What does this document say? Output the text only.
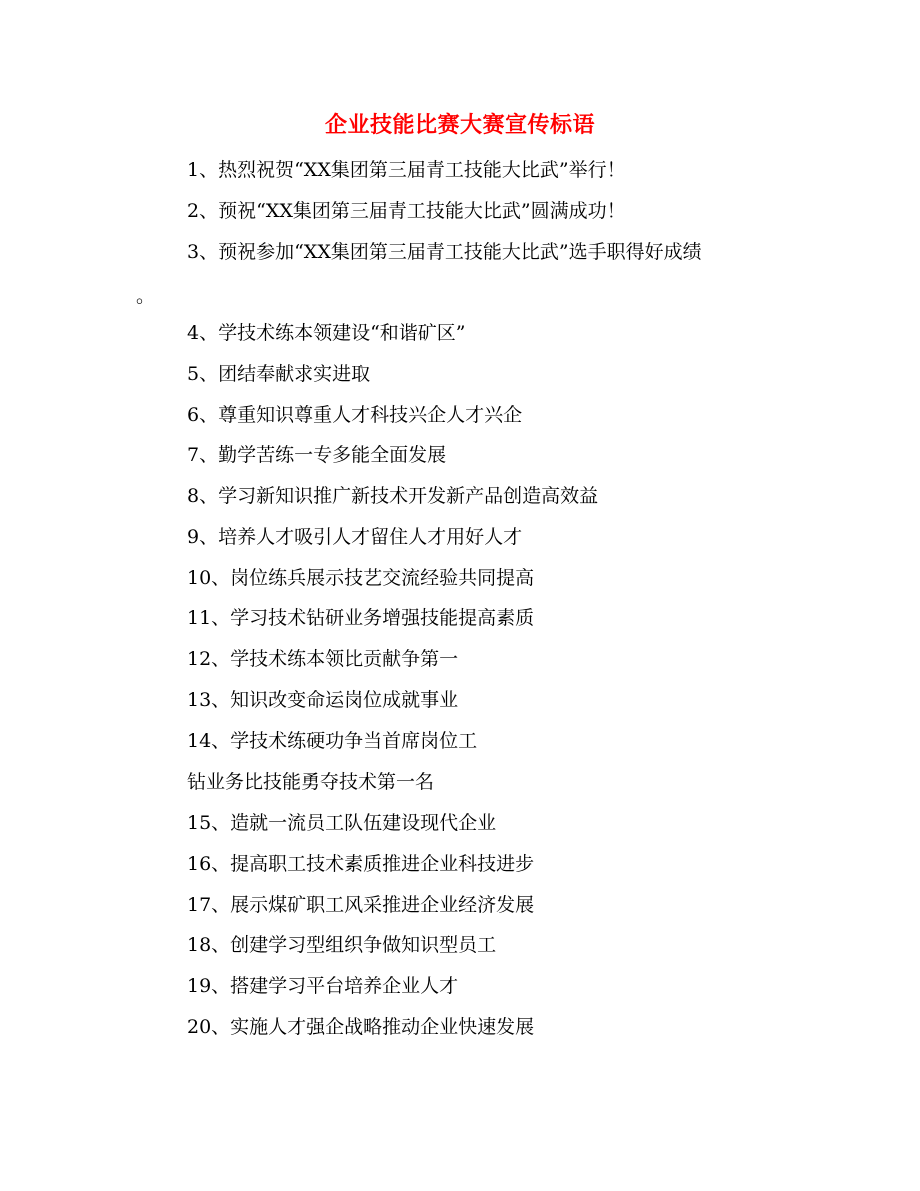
企业技能比赛大赛宣传标语
1、热烈祝贺“XX集团第三届青工技能大比武”举行！
2、预祝“XX集团第三届青工技能大比武”圆满成功！
3、预祝参加“XX集团第三届青工技能大比武”选手职得好成绩
。
4、学技术练本领建设“和谐矿区”
5、团结奉献求实进取
6、尊重知识尊重人才科技兴企人才兴企
7、勤学苦练一专多能全面发展
8、学习新知识推广新技术开发新产品创造高效益
9、培养人才吸引人才留住人才用好人才
10、岗位练兵展示技艺交流经验共同提高
11、学习技术钻研业务增强技能提高素质
12、学技术练本领比贡献争第一
13、知识改变命运岗位成就事业
14、学技术练硬功争当首席岗位工
钻业务比技能勇夺技术第一名
15、造就一流员工队伍建设现代企业
16、提高职工技术素质推进企业科技进步
17、展示煤矿职工风采推进企业经济发展
18、创建学习型组织争做知识型员工
19、搭建学习平台培养企业人才
20、实施人才强企战略推动企业快速发展
